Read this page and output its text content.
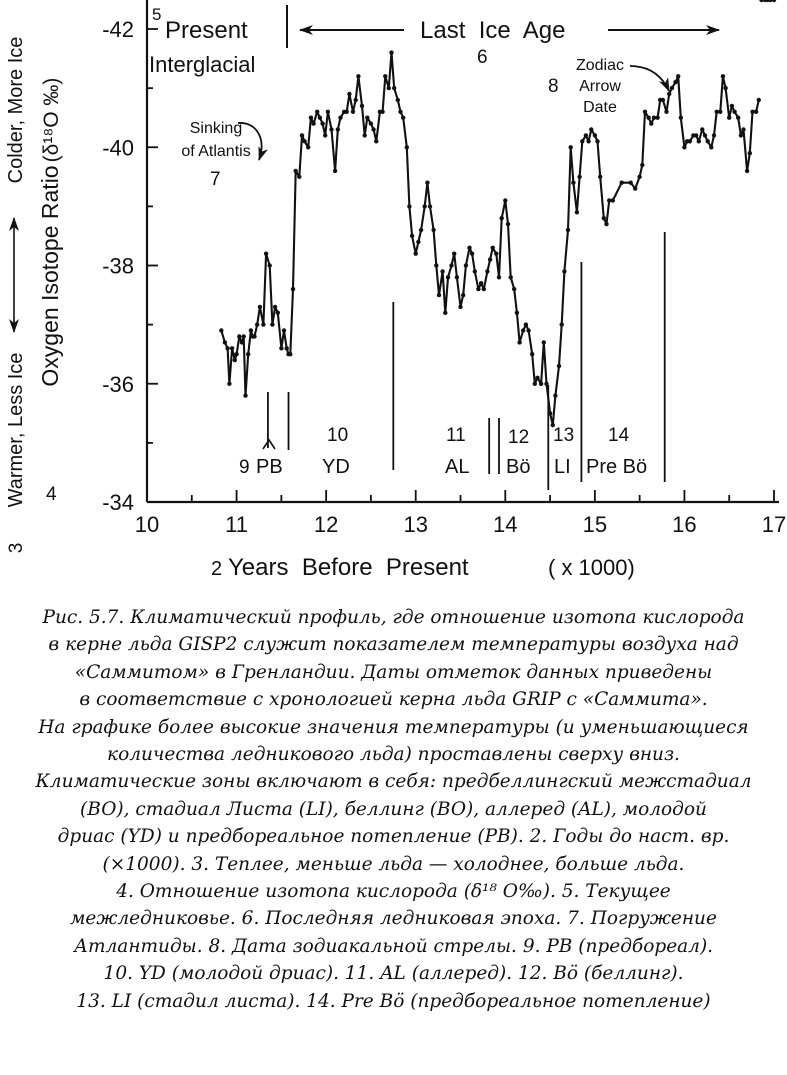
10	11	12	13	14	15	16	17
-42
-40
-38
-36
-34
Oxygen Isotope Ratio
(δ¹⁸O ‰)
Colder, More Ice
Warmer, Less Ice
3
4
2 Years  Before  Present	( x 1000)
5
Present
Interglacial
Last  Ice  Age
6
Sinking
of Atlantis
7
Zodiac
Arrow
Date
8
9 PB
10
YD
11
AL
12
Bö
13
LI
14
Pre Bö

Рис. 5.7. Климатический профиль, где отношение изотопа кислорода

в керне льда GISP2 служит показателем температуры воздуха над

«Саммитом» в Гренландии. Даты отметок данных приведены

в соответствие с хронологией керна льда GRIP с «Саммита».

На графике более высокие значения температуры (и уменьшающиеся

количества ледникового льда) проставлены сверху вниз.

Климатические зоны включают в себя: предбеллингский межстадиал

(BO), стадиал Листа (LI), беллинг (BO), аллеред (AL), молодой

дриас (YD) и предбореальное потепление (PB). 2. Годы до наст. вр.

(×1000). 3. Теплее, меньше льда — холоднее, больше льда.

4. Отношение изотопа кислорода (δ¹⁸ O‰). 5. Текущее

межледниковье. 6. Последняя ледниковая эпоха. 7. Погружение

Атлантиды. 8. Дата зодиакальной стрелы. 9. PB (предбореал).

10. YD (молодой дриас). 11. AL (аллеред). 12. Bö (беллинг).

13. LI (стадил листа). 14. Pre Bö (предбореальное потепление)
